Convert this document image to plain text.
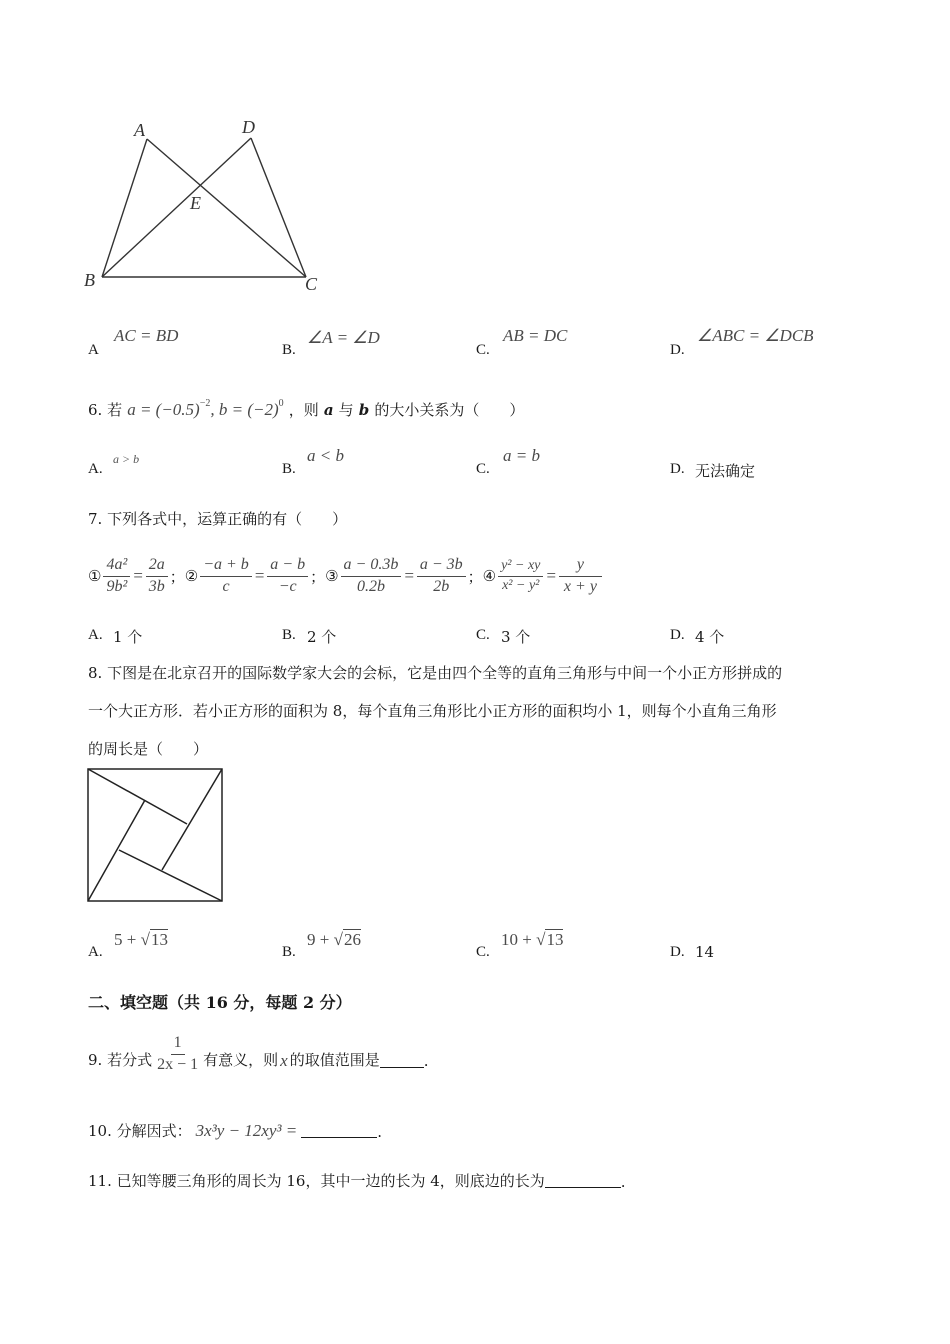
A	D
E
B	C
A
AC = BD
B.
∠A = ∠D
C.
AB = DC
D.
∠ABC = ∠DCB
6. 若 $a = (-0.5)^{-2}$, $b = (-2)^0$ ，则 a 与 b 的大小关系为（　　）
A.
a > b
B.
a < b
C.
a = b
D. 无法确定
7. 下列各式中，运算正确的有（　　）
① $\frac{\text{4a²}}{\text{9b²}} = \frac{2a}{3b}$ ； ② $\frac{-a + b}{c} = \frac{a - b}{-c}$ ； ③ $\frac{a - 0.3b}{0.2b} = \frac{a - 3b}{2b}$ ； ④ $\frac{\text{y² − xy}}{\text{x² − y²}} = \frac{y}{x + y}$
A. 1 个	B. 2 个	C. 3 个	D. 4 个
8. 下图是在北京召开的国际数学家大会的会标，它是由四个全等的直角三角形与中间一个小正方形拼成的
一个大正方形．若小正方形的面积为 8，每个直角三角形比小正方形的面积均小 1，则每个小直角三角形
的周长是（　　）
A.
5 + √13
B.
9 + √26
C.
10 + √13
D. 14
二、填空题（共 16 分，每题 2 分）
9. 若分式 $\frac{1}{2x - 1}$ 有意义，则 x 的取值范围是	.
10. 分解因式： 3x³y − 12xy³ =	.
11. 已知等腰三角形的周长为 16，其中一边的长为 4，则底边的长为	.
